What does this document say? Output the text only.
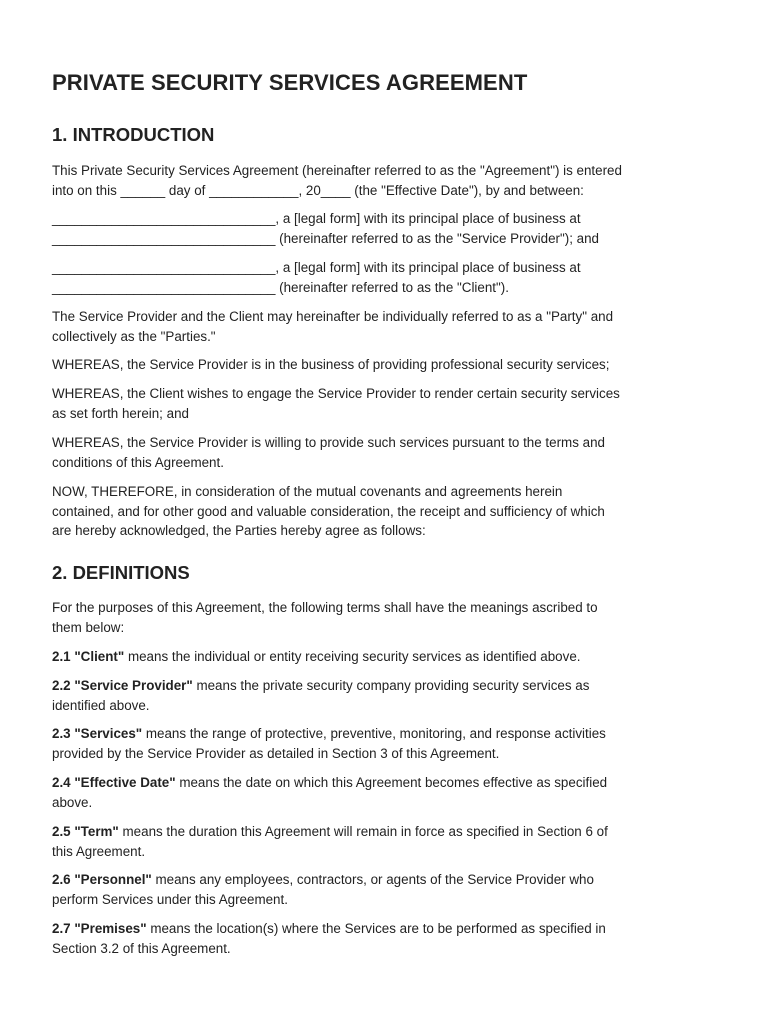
PRIVATE SECURITY SERVICES AGREEMENT
1. INTRODUCTION

This Private Security Services Agreement (hereinafter referred to as the "Agreement") is entered
into on this ______ day of ____________, 20____ (the "Effective Date"), by and between:

______________________________, a [legal form] with its principal place of business at
______________________________ (hereinafter referred to as the "Service Provider"); and

______________________________, a [legal form] with its principal place of business at
______________________________ (hereinafter referred to as the "Client").

The Service Provider and the Client may hereinafter be individually referred to as a "Party" and
collectively as the "Parties."

WHEREAS, the Service Provider is in the business of providing professional security services;

WHEREAS, the Client wishes to engage the Service Provider to render certain security services
as set forth herein; and

WHEREAS, the Service Provider is willing to provide such services pursuant to the terms and
conditions of this Agreement.

NOW, THEREFORE, in consideration of the mutual covenants and agreements herein
contained, and for other good and valuable consideration, the receipt and sufficiency of which
are hereby acknowledged, the Parties hereby agree as follows:

2. DEFINITIONS

For the purposes of this Agreement, the following terms shall have the meanings ascribed to
them below:

2.1 "Client" means the individual or entity receiving security services as identified above.

2.2 "Service Provider" means the private security company providing security services as
identified above.

2.3 "Services" means the range of protective, preventive, monitoring, and response activities
provided by the Service Provider as detailed in Section 3 of this Agreement.

2.4 "Effective Date" means the date on which this Agreement becomes effective as specified
above.

2.5 "Term" means the duration this Agreement will remain in force as specified in Section 6 of
this Agreement.

2.6 "Personnel" means any employees, contractors, or agents of the Service Provider who
perform Services under this Agreement.

2.7 "Premises" means the location(s) where the Services are to be performed as specified in
Section 3.2 of this Agreement.
